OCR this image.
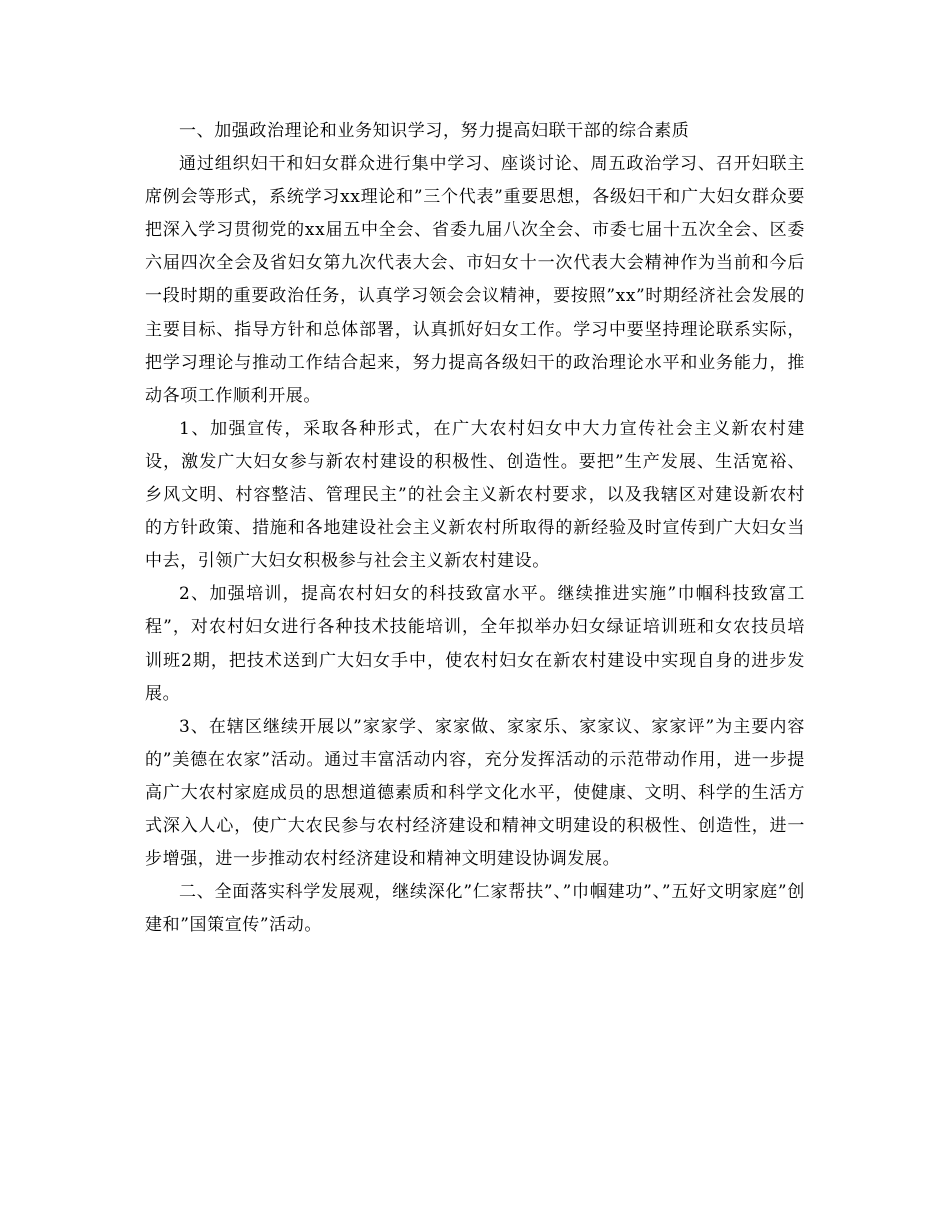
一、加强政治理论和业务知识学习，努力提高妇联干部的综合素质

通过组织妇干和妇女群众进行集中学习、座谈讨论、周五政治学习、召开妇联主席例会等形式，系统学习xx理论和”三个代表”重要思想，各级妇干和广大妇女群众要把深入学习贯彻党的xx届五中全会、省委九届八次全会、市委七届十五次全会、区委六届四次全会及省妇女第九次代表大会、市妇女十一次代表大会精神作为当前和今后一段时期的重要政治任务，认真学习领会会议精神，要按照”xx”时期经济社会发展的主要目标、指导方针和总体部署，认真抓好妇女工作。学习中要坚持理论联系实际，把学习理论与推动工作结合起来，努力提高各级妇干的政治理论水平和业务能力，推动各项工作顺利开展。

1、加强宣传，采取各种形式，在广大农村妇女中大力宣传社会主义新农村建设，激发广大妇女参与新农村建设的积极性、创造性。要把”生产发展、生活宽裕、乡风文明、村容整洁、管理民主”的社会主义新农村要求，以及我辖区对建设新农村的方针政策、措施和各地建设社会主义新农村所取得的新经验及时宣传到广大妇女当中去，引领广大妇女积极参与社会主义新农村建设。

2、加强培训，提高农村妇女的科技致富水平。继续推进实施”巾帼科技致富工程”，对农村妇女进行各种技术技能培训，全年拟举办妇女绿证培训班和女农技员培训班2期，把技术送到广大妇女手中，使农村妇女在新农村建设中实现自身的进步发展。

3、在辖区继续开展以”家家学、家家做、家家乐、家家议、家家评”为主要内容的”美德在农家”活动。通过丰富活动内容，充分发挥活动的示范带动作用，进一步提高广大农村家庭成员的思想道德素质和科学文化水平，使健康、文明、科学的生活方式深入人心，使广大农民参与农村经济建设和精神文明建设的积极性、创造性，进一步增强，进一步推动农村经济建设和精神文明建设协调发展。

二、全面落实科学发展观，继续深化”仁家帮扶”、”巾帼建功”、”五好文明家庭”创建和”国策宣传”活动。
